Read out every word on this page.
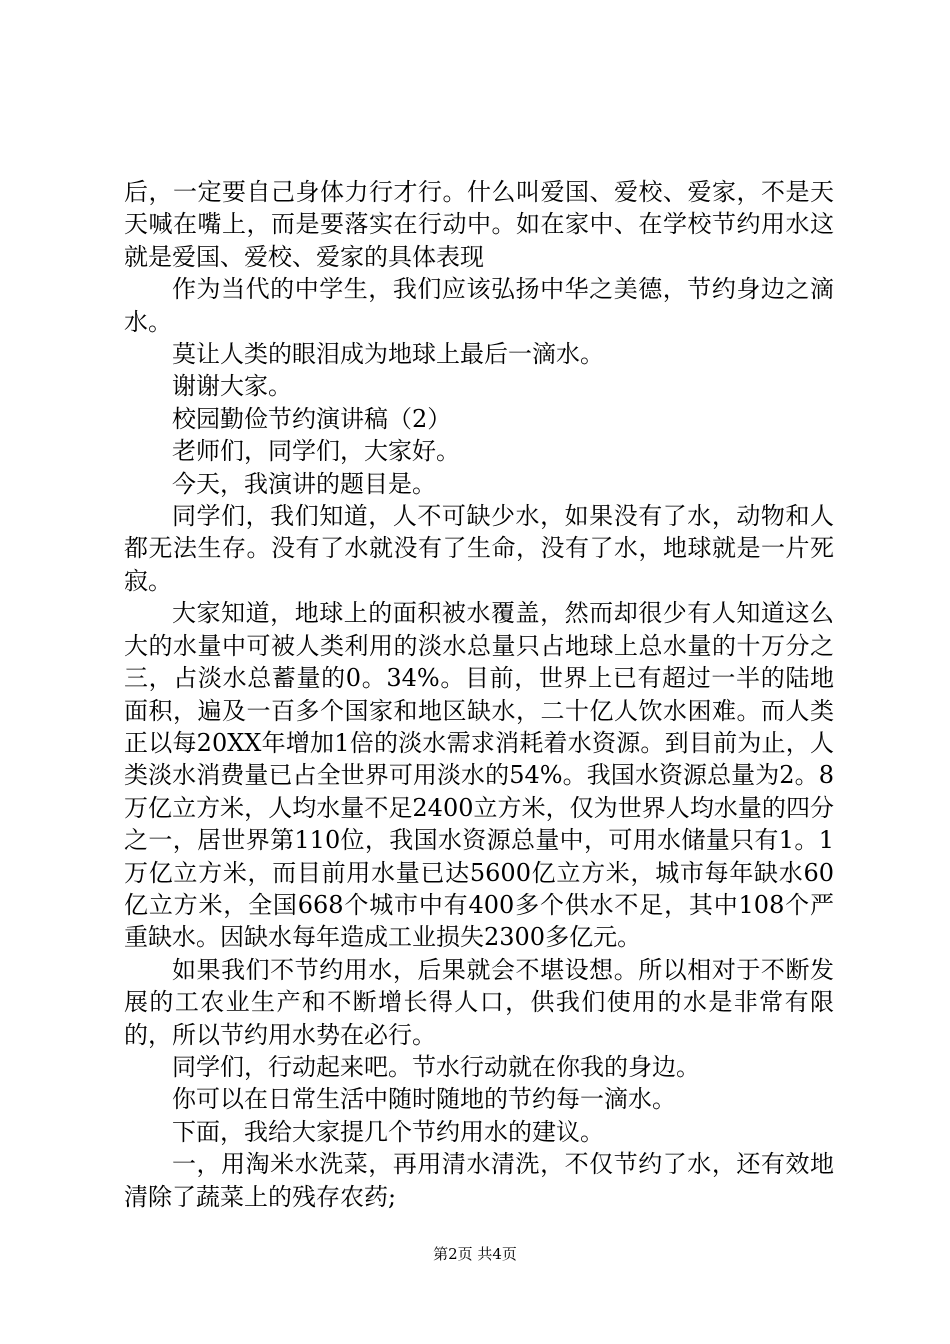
后，一定要自己身体力行才行。什么叫爱国、爱校、爱家，不是天天喊在嘴上，而是要落实在行动中。如在家中、在学校节约用水这就是爱国、爱校、爱家的具体表现

作为当代的中学生，我们应该弘扬中华之美德，节约身边之滴水。

莫让人类的眼泪成为地球上最后一滴水。

谢谢大家。

校园勤俭节约演讲稿（2）

老师们，同学们，大家好。

今天，我演讲的题目是。

同学们，我们知道，人不可缺少水，如果没有了水，动物和人都无法生存。没有了水就没有了生命，没有了水，地球就是一片死寂。

大家知道，地球上的面积被水覆盖，然而却很少有人知道这么大的水量中可被人类利用的淡水总量只占地球上总水量的十万分之三，占淡水总蓄量的0。34%。目前，世界上已有超过一半的陆地面积，遍及一百多个国家和地区缺水，二十亿人饮水困难。而人类正以每20XX年增加1倍的淡水需求消耗着水资源。到目前为止，人类淡水消费量已占全世界可用淡水的54%。我国水资源总量为2。8万亿立方米，人均水量不足2400立方米，仅为世界人均水量的四分之一，居世界第110位，我国水资源总量中，可用水储量只有1。1万亿立方米，而目前用水量已达5600亿立方米，城市每年缺水60亿立方米，全国668个城市中有400多个供水不足，其中108个严重缺水。因缺水每年造成工业损失2300多亿元。

如果我们不节约用水，后果就会不堪设想。所以相对于不断发展的工农业生产和不断增长得人口，供我们使用的水是非常有限的，所以节约用水势在必行。

同学们，行动起来吧。节水行动就在你我的身边。

你可以在日常生活中随时随地的节约每一滴水。

下面，我给大家提几个节约用水的建议。

一，用淘米水洗菜，再用清水清洗，不仅节约了水，还有效地清除了蔬菜上的残存农药;

第2页 共4页
